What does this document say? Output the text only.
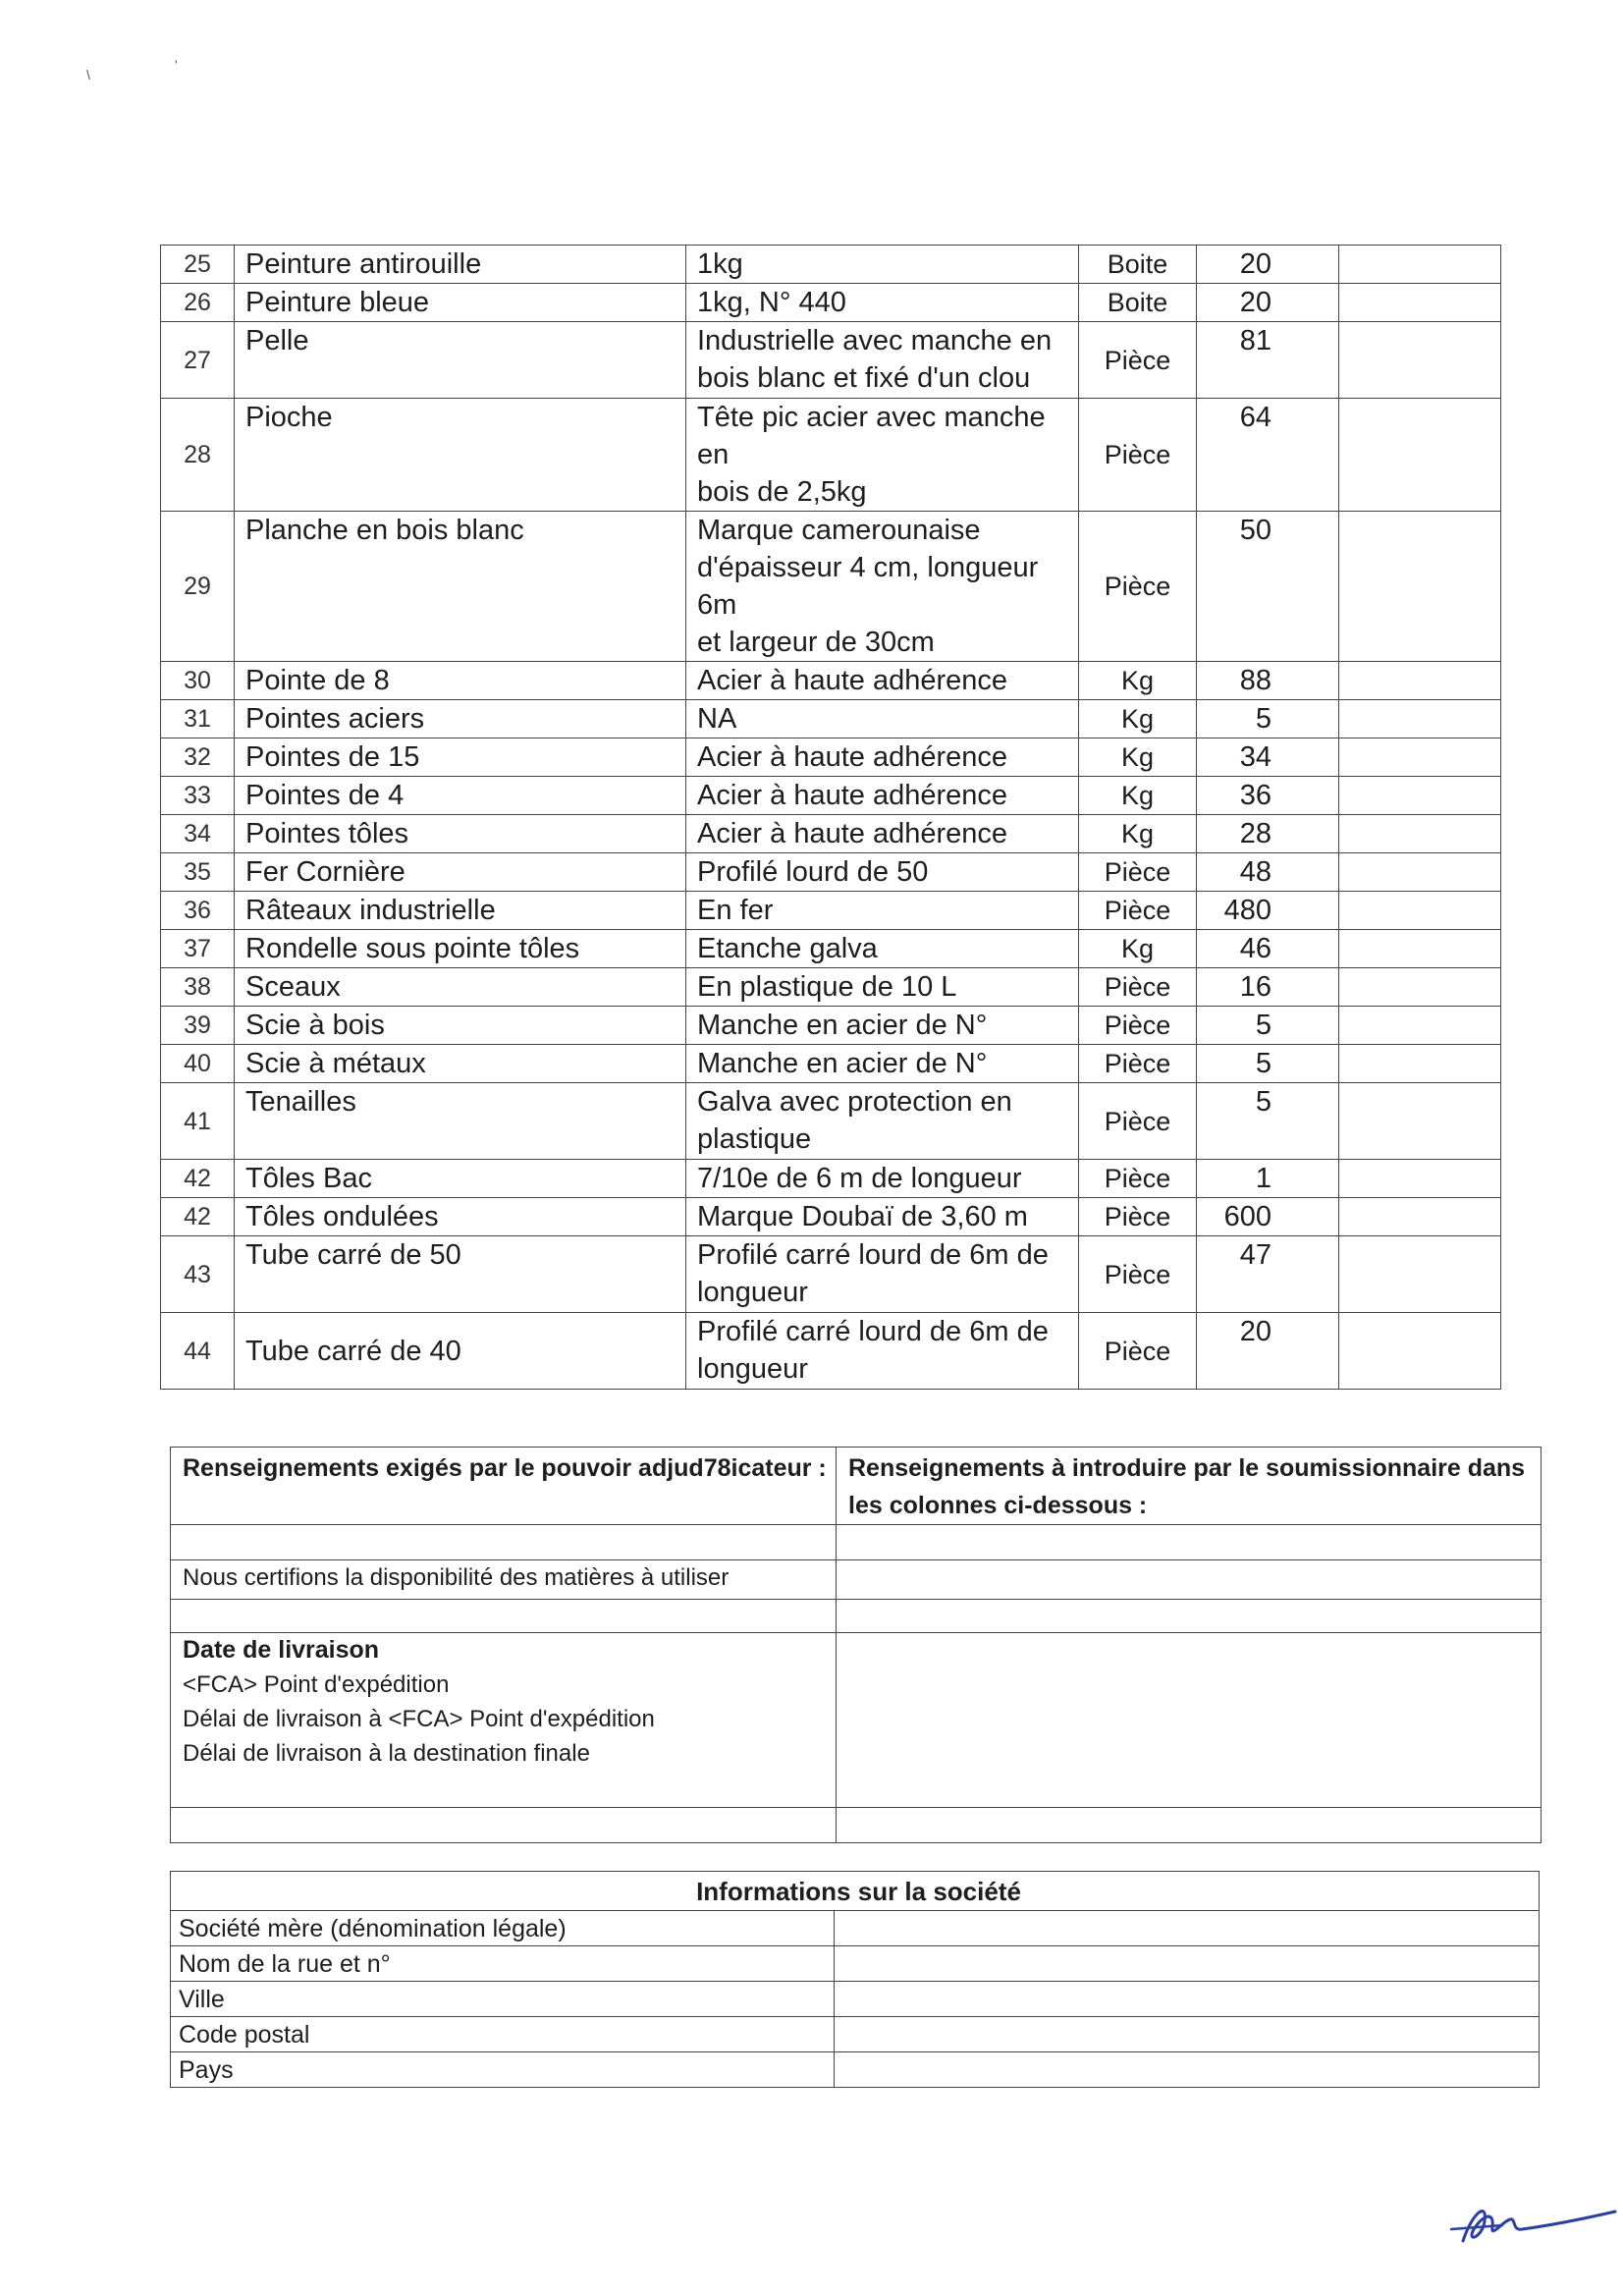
\
'
25	Peinture antirouille	1kg	Boite	20	
26	Peinture bleue	1kg, N° 440	Boite	20	
27	Pelle	Industrielle avec manche en
bois blanc et fixé d'un clou	Pièce	81	
28	Pioche	Tête pic acier avec manche en
bois de 2,5kg	Pièce	64	
29	Planche en bois blanc	Marque camerounaise
d'épaisseur 4 cm, longueur 6m
et largeur de 30cm	Pièce	50	
30	Pointe de 8	Acier à haute adhérence	Kg	88	
31	Pointes aciers	NA	Kg	5	
32	Pointes de 15	Acier à haute adhérence	Kg	34	
33	Pointes de 4	Acier à haute adhérence	Kg	36	
34	Pointes tôles	Acier à haute adhérence	Kg	28	
35	Fer Cornière	Profilé lourd de 50	Pièce	48	
36	Râteaux industrielle	En fer	Pièce	480	
37	Rondelle sous pointe tôles	Etanche galva	Kg	46	
38	Sceaux	En plastique de 10 L	Pièce	16	
39	Scie à bois	Manche en acier de N°	Pièce	5	
40	Scie à métaux	Manche en acier de N°	Pièce	5	
41	Tenailles	Galva avec protection en
plastique	Pièce	5	
42	Tôles Bac	7/10e de 6 m de longueur	Pièce	1	
42	Tôles ondulées	Marque Doubaï de 3,60 m	Pièce	600	
43	Tube carré de 50	Profilé carré lourd de 6m de
longueur	Pièce	47	
44	Tube carré de 40	Profilé carré lourd de 6m de
longueur	Pièce	20	
Renseignements exigés par le pouvoir adjud78icateur :	Renseignements à introduire par le soumissionnaire dans les colonnes ci-dessous :

Nous certifions la disponibilité des matières à utiliser	

Date de livraison
<FCA> Point d'expédition
Délai de livraison à <FCA> Point d'expédition
Délai de livraison à la destination finale	

Informations sur la société	
Société mère (dénomination légale)	
Nom de la rue et n°	
Ville	
Code postal	
Pays	
